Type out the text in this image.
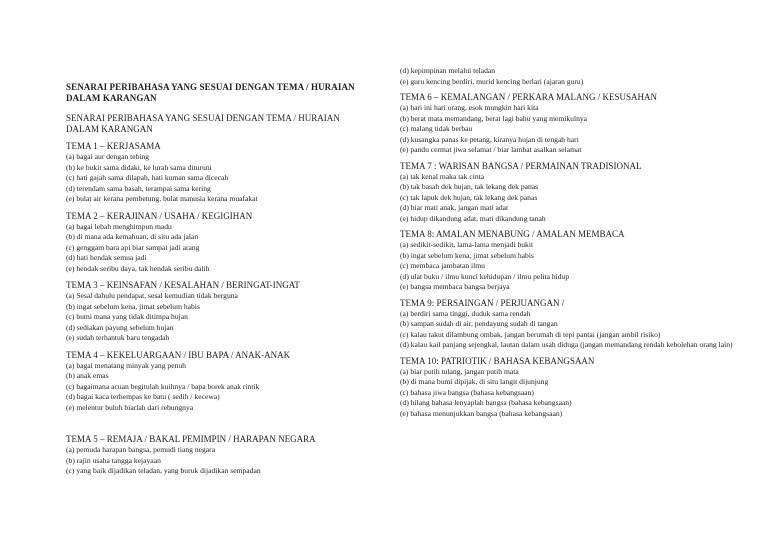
SENARAI PERIBAHASA YANG SESUAI DENGAN TEMA / HURAIAN DALAM KARANGAN
SENARAI PERIBAHASA YANG SESUAI DENGAN TEMA / HURAIAN DALAM KARANGAN
TEMA 1 – KERJASAMA
(a) bagai aur dengan tebing
(b) ke bukit sama didaki, ke lurah sama dituruni
(c) hati gajah sama dilapah, hati kuman sama dicecah
(d) terendam sama basah, terampai sama kering
(e) bulat air kerana pembetung, bulat manusia kerana muafakat
TEMA 2 – KERAJINAN / USAHA / KEGIGIHAN
(a) bagai lebah menghimpun madu
(b) di mana ada kemahuan, di situ ada jalan
(c) genggam bara api biar sampai jadi arang
(d) hati hendak semua jadi
(e) hendak seribu daya, tak hendak seribu dalih
TEMA 3 – KEINSAFAN / KESALAHAN / BERINGAT-INGAT
(a) Sesal dahulu pendapat, sesal kemudian tidak berguna
(b) ingat sebelum kena, jimat sebelum habis
(c) bumi mana yang tidak ditimpa hujan
(d) sediakan payung sebelum hujan
(e) sudah terhantuk baru tengadah
TEMA 4 – KEKELUARGAAN / IBU BAPA / ANAK-ANAK
(a) bagai menatang minyak yang penuh
(b) anak emas
(c) bagaimana acuan begitulah kuihnya / bapa borek anak rintik
(d) bagai kaca terhempas ke batu ( sedih / kecewa)
(e) melentur buluh biarlah dari rebungnya
TEMA 5 – REMAJA / BAKAL PEMIMPIN / HARAPAN NEGARA
(a) pemuda harapan bangsa, pemudi tiang negara
(b) rajin usaha tangga kejayaan
(c) yang baik dijadikan teladan, yang buruk dijadikan sempadan
(d) kepimpinan melalui teladan
(e) guru kencing berdiri, murid kencing berlari (ajaran guru)
TEMA 6 – KEMALANGAN / PERKARA MALANG / KESUSAHAN
(a) hari ini hari orang, esok mungkin hari kita
(b) berat mata memandang, berat lagi bahu yang memikulnya
(c) malang tidak berbau
(d) kusangka panas ke petang, kiranya hujan di tengah hari
(e) pandu cermat jiwa selamat / biar lambat asalkan selamat
TEMA 7 : WARISAN BANGSA / PERMAINAN TRADISIONAL
(a) tak kenal maka tak cinta
(b) tak basah dek hujan, tak lekang dek panas
(c) tak lapuk dek hujan, tak lekang dek panas
(d) biar mati anak, jangan mati adat
(e) hidup dikandung adat, mati dikandung tanah
TEMA 8: AMALAN MENABUNG / AMALAN MEMBACA
(a) sedikit-sedikit, lama-lama menjadi bukit
(b) ingat sebelum kena, jimat sebelum habis
(c) membaca jambatan ilmu
(d) ulat buku / ilmu kunci kehidupan / ilmu pelita hidup
(e) bangsa membaca bangsa berjaya
TEMA 9: PERSAINGAN / PERJUANGAN /
(a) berdiri sama tinggi, duduk sama rendah
(b) sampan sudah di air, pendayung sudah di tangan
(c) kalau takut dilambung ombak, jangan berumah di tepi pantai (jangan ambil risiko)
(d) kalau kail panjang sejengkal, lautan dalam usah diduga (jangan memandang rendah kebolehan orang lain)
TEMA 10: PATRIOTIK / BAHASA KEBANGSAAN
(a) biar putih tulang, jangan putih mata
(b) di mana bumi dipijak, di situ langit dijunjung
(c) bahasa jiwa bangsa (bahasa kebangsaan)
(d) hilang bahasa lenyaplah bangsa (bahasa kebangsaan)
(e) bahasa menunjukkan bangsa (bahasa kebangsaan)
